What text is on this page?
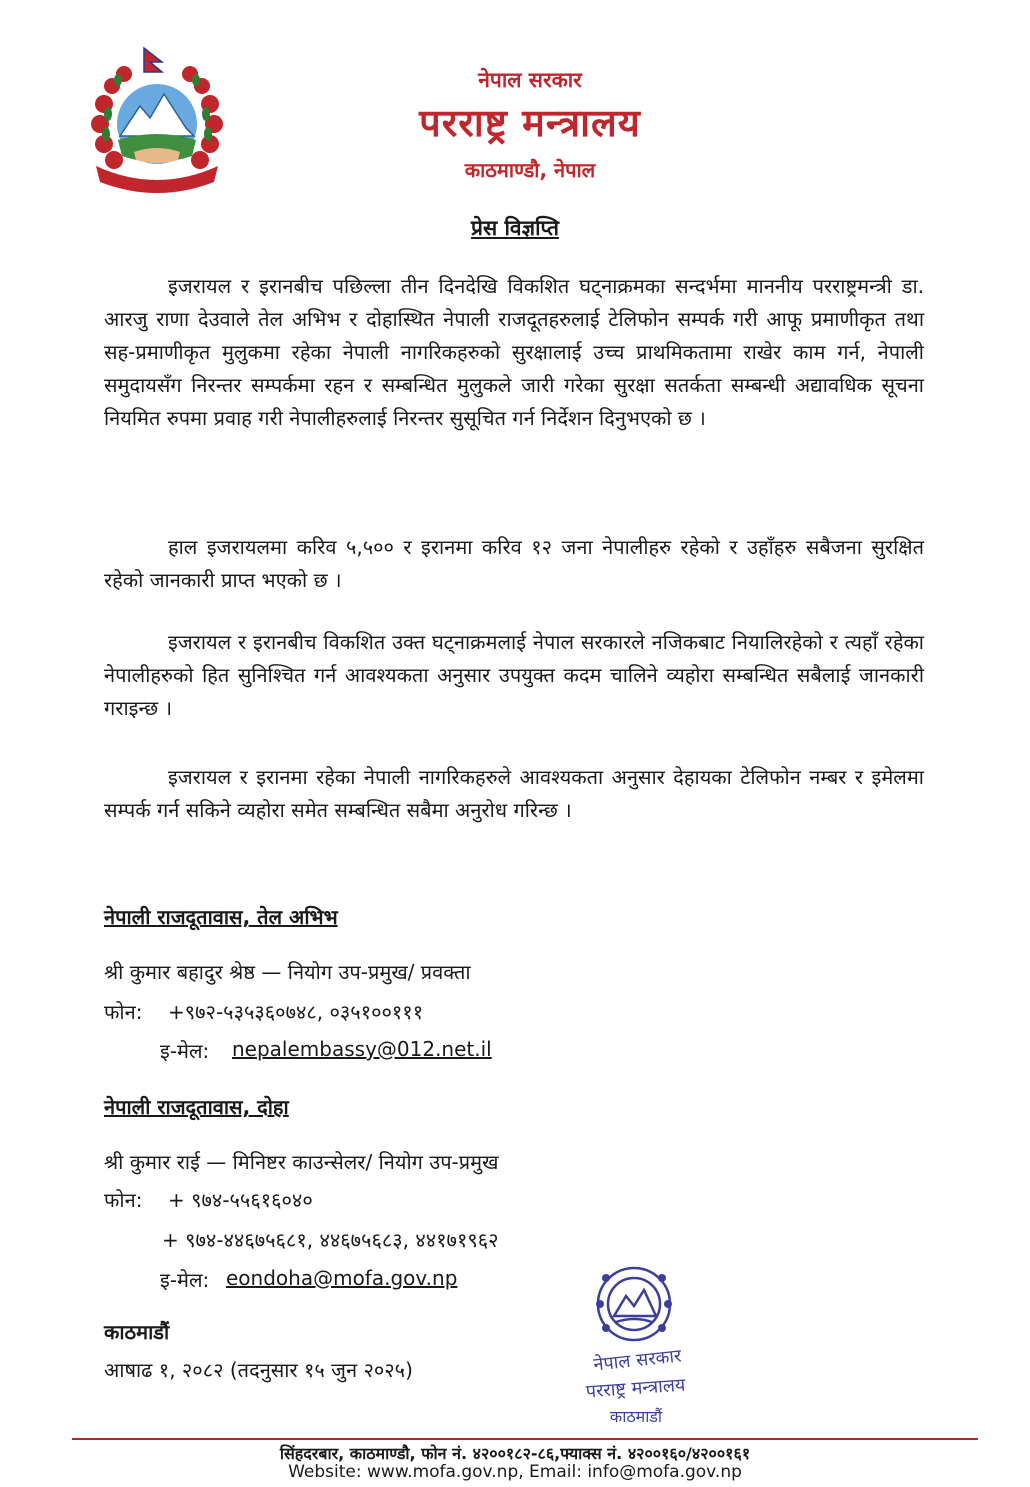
नेपाल सरकार
परराष्ट्र मन्त्रालय
काठमाण्डौ, नेपाल
प्रेस विज्ञप्ति

इजरायल र इरानबीच पछिल्ला तीन दिनदेखि विकशित घट्नाक्रमका सन्दर्भमा माननीय परराष्ट्रमन्त्री डा. आरजु राणा देउवाले तेल अभिभ र दोहास्थित नेपाली राजदूतहरुलाई टेलिफोन सम्पर्क गरी आफू प्रमाणीकृत तथा सह-प्रमाणीकृत मुलुकमा रहेका नेपाली नागरिकहरुको सुरक्षालाई उच्च प्राथमिकतामा राखेर काम गर्न, नेपाली समुदायसँग निरन्तर सम्पर्कमा रहन र सम्बन्धित मुलुकले जारी गरेका सुरक्षा सतर्कता सम्बन्धी अद्यावधिक सूचना नियमित रुपमा प्रवाह गरी नेपालीहरुलाई निरन्तर सुसूचित गर्न निर्देशन दिनुभएको छ ।

हाल इजरायलमा करिव ५,५०० र इरानमा करिव १२ जना नेपालीहरु रहेको र उहाँहरु सबैजना सुरक्षित रहेको जानकारी प्राप्त भएको छ ।

इजरायल र इरानबीच विकशित उक्त घट्नाक्रमलाई नेपाल सरकारले नजिकबाट नियालिरहेको र त्यहाँ रहेका नेपालीहरुको हित सुनिश्चित गर्न आवश्यकता अनुसार उपयुक्त कदम चालिने व्यहोरा सम्बन्धित सबैलाई जानकारी गराइन्छ ।

इजरायल र इरानमा रहेका नेपाली नागरिकहरुले आवश्यकता अनुसार देहायका टेलिफोन नम्बर र इमेलमा सम्पर्क गर्न सकिने व्यहोरा समेत सम्बन्धित सबैमा अनुरोध गरिन्छ ।

नेपाली राजदूतावास, तेल अभिभ
श्री कुमार बहादुर श्रेष्ठ — नियोग उप-प्रमुख/ प्रवक्ता
फोन: +९७२-५३५३६०७४८, ०३५१००१११
इ-मेल: nepalembassy@012.net.il
नेपाली राजदूतावास, दोहा
श्री कुमार राई — मिनिष्टर काउन्सेलर/ नियोग उप-प्रमुख
फोन: + ९७४-५५६१६०४०
+ ९७४-४४६७५६८१, ४४६७५६८३, ४४१७१९६२
इ-मेल: eondoha@mofa.gov.np
काठमाडौं
आषाढ १, २०८२ (तदनुसार १५ जुन २०२५)	नेपाल सरकार
परराष्ट्र मन्त्रालय
काठमाडौं
सिंहदरबार, काठमाण्डौ, फोन नं. ४२००१८२-८६,फ्याक्स नं. ४२००१६०/४२००१६१
Website: www.mofa.gov.np, Email: info@mofa.gov.np
